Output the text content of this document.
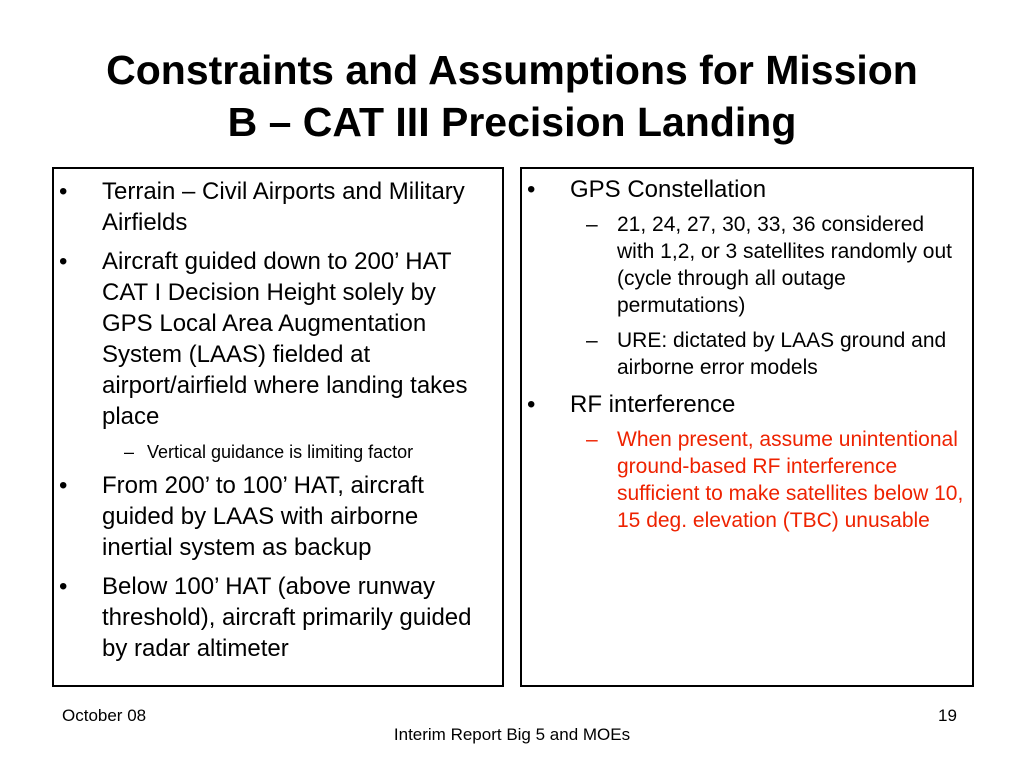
Constraints and Assumptions for Mission
B – CAT III Precision Landing
• Terrain – Civil Airports and Military Airfields
• Aircraft guided down to 200’ HAT CAT I Decision Height solely by GPS Local Area Augmentation System (LAAS) fielded at airport/airfield where landing takes place
– Vertical guidance is limiting factor
• From 200’ to 100’ HAT, aircraft guided by LAAS with airborne inertial system as backup
• Below 100’ HAT (above runway threshold), aircraft primarily guided by radar altimeter
• GPS Constellation
– 21, 24, 27, 30, 33, 36 considered with 1,2, or 3 satellites randomly out (cycle through all outage permutations)
– URE: dictated by LAAS ground and airborne error models
• RF interference
– When present, assume unintentional ground-based RF interference sufficient to make satellites below 10, 15 deg. elevation (TBC) unusable
October 08
Interim Report Big 5 and MOEs
19
